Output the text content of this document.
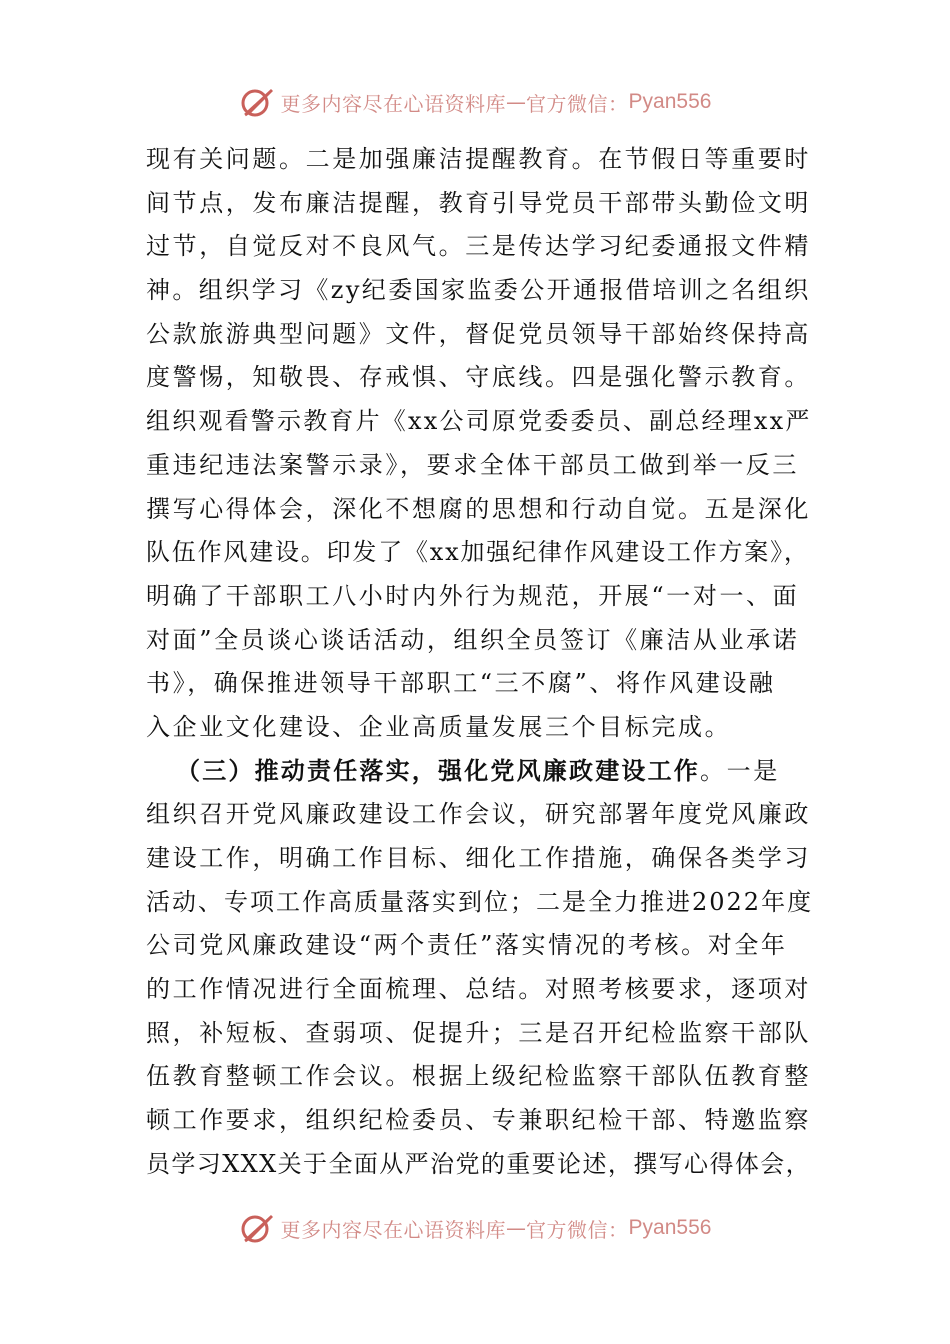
更多内容尽在心语资料库 — 官方微信： Pyan556
现有关问题。二是加强廉洁提醒教育。在节假日等重要时
间节点，发布廉洁提醒，教育引导党员干部带头勤俭文明
过节，自觉反对不良风气。三是传达学习纪委通报文件精
神。组织学习《zy纪委国家监委公开通报借培训之名组织
公款旅游典型问题》文件，督促党员领导干部始终保持高
度警惕，知敬畏、存戒惧、守底线。四是强化警示教育。
组织观看警示教育片《xx公司原党委委员、副总经理xx严
重违纪违法案警示录》，要求全体干部员工做到举一反三
撰写心得体会，深化不想腐的思想和行动自觉。五是深化
队伍作风建设。印发了《xx加强纪律作风建设工作方案》，
明确了干部职工八小时内外行为规范，开展“一对一、面
对面”全员谈心谈话活动，组织全员签订《廉洁从业承诺
书》，确保推进领导干部职工“三不腐”、将作风建设融
入企业文化建设、企业高质量发展三个目标完成。
（三）推动责任落实，强化党风廉政建设工作。一是
组织召开党风廉政建设工作会议，研究部署年度党风廉政
建设工作，明确工作目标、细化工作措施，确保各类学习
活动、专项工作高质量落实到位；二是全力推进2022年度
公司党风廉政建设“两个责任”落实情况的考核。对全年
的工作情况进行全面梳理、总结。对照考核要求，逐项对
照，补短板、查弱项、促提升；三是召开纪检监察干部队
伍教育整顿工作会议。根据上级纪检监察干部队伍教育整
顿工作要求，组织纪检委员、专兼职纪检干部、特邀监察
员学习XXX关于全面从严治党的重要论述，撰写心得体会，
更多内容尽在心语资料库 — 官方微信： Pyan556
